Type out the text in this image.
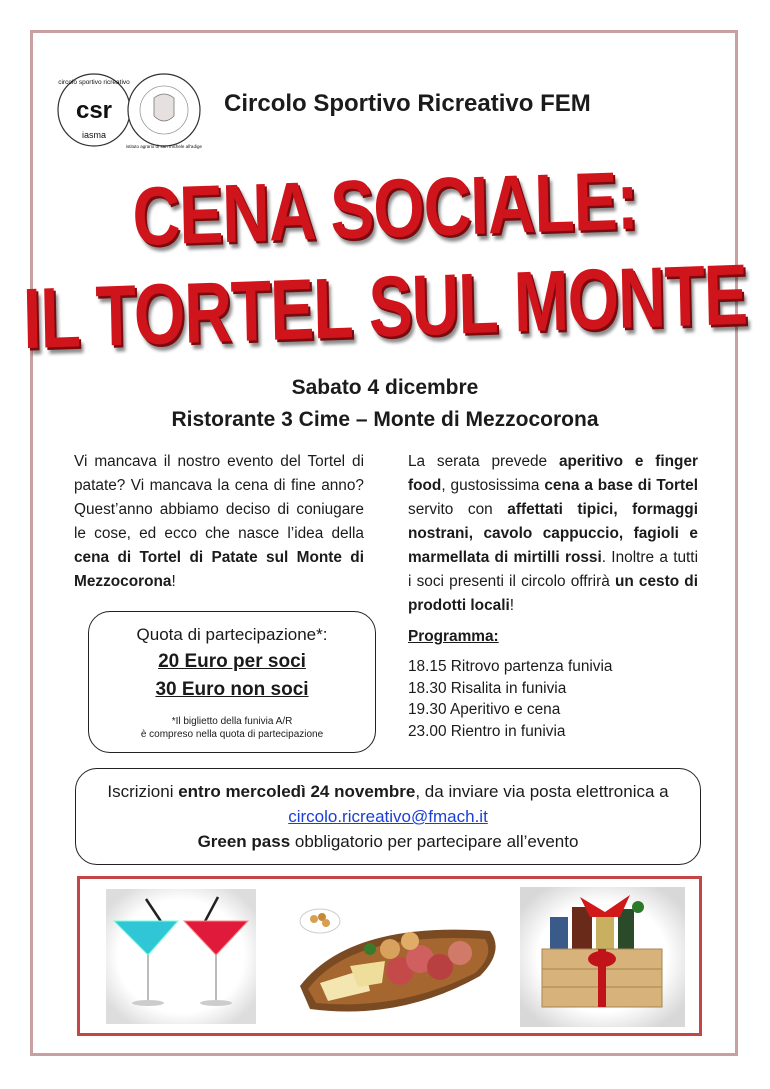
csr
iasma
circolo sportivo ricreativo
istituto agrario di san michele all'adige
Circolo Sportivo Ricreativo FEM
CENA SOCIALE:
IL TORTEL SUL MONTE
Sabato 4 dicembre
Ristorante 3 Cime – Monte di Mezzocorona
Vi mancava il nostro evento del Tortel di patate? Vi mancava la cena di fine anno? Quest’anno abbiamo deciso di coniugare le cose, ed ecco che nasce l’idea della cena di Tortel di Patate sul Monte di Mezzocorona!
La serata prevede aperitivo e finger food, gustosissima cena a base di Tortel servito con affettati tipici, formaggi nostrani, cavolo cappuccio, fagioli e marmellata di mirtilli rossi. Inoltre a tutti i soci presenti il circolo offrirà un cesto di prodotti locali!
Quota di partecipazione*:
20 Euro per soci
30 Euro non soci
*Il biglietto della funivia A/R
è compreso nella quota di partecipazione
Programma:
18.15 Ritrovo partenza funivia
18.30 Risalita in funivia
19.30 Aperitivo e cena
23.00 Rientro in funivia
Iscrizioni entro mercoledì 24 novembre, da inviare via posta elettronica a circolo.ricreativo@fmach.it
Green pass obbligatorio per partecipare all’evento
